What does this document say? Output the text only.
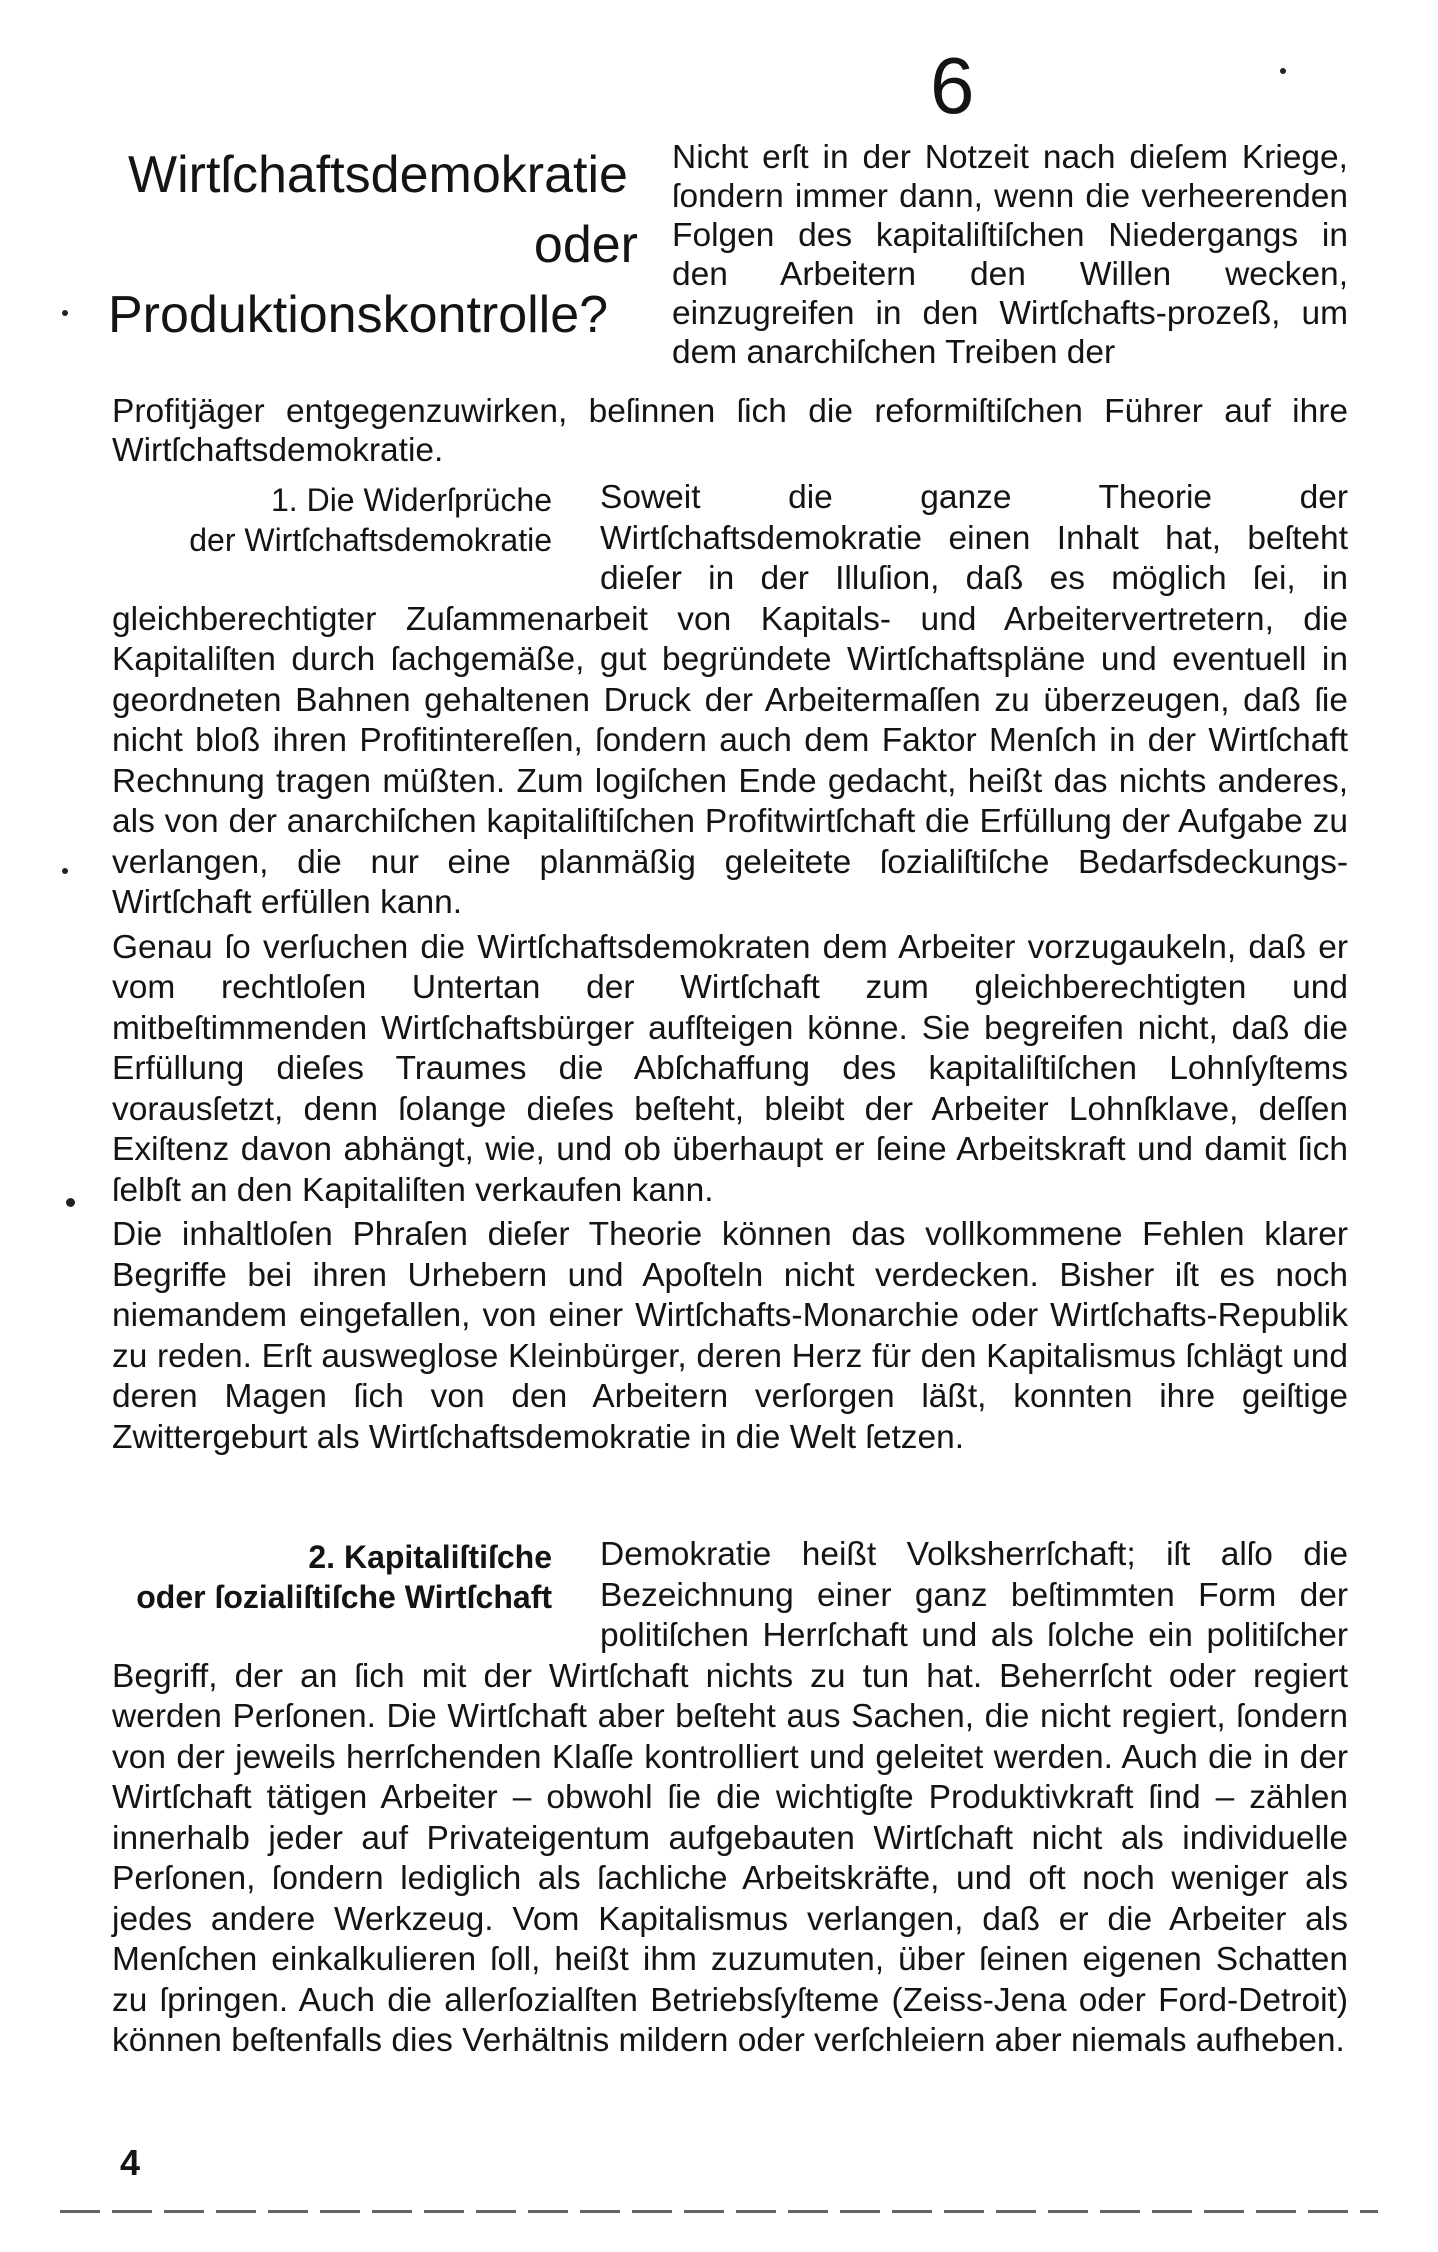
6
Wirtſchaftsdemokratie
oder
Produktionskontrolle?
Nicht erſt in der Notzeit nach dieſem Kriege, ſondern immer dann, wenn die verheerenden Folgen des kapitaliſtiſchen Niedergangs in den Arbeitern den Willen wecken, einzugreifen in den Wirtſchafts-prozeß, um dem anarchiſchen Treiben der
Profitjäger entgegenzuwirken, beſinnen ſich die reformiſtiſchen Führer auf ihre Wirtſchaftsdemokratie.
1. Die Widerſprüche
der Wirtſchaftsdemokratie

Soweit die ganze Theorie der Wirtſchaftsdemokratie einen Inhalt hat, beſteht dieſer in der Illuſion, daß es möglich ſei, in gleichberechtigter Zuſammenarbeit von Kapitals- und Arbeitervertretern, die Kapitaliſten durch ſachgemäße, gut begründete Wirtſchaftspläne und eventuell in geordneten Bahnen gehaltenen Druck der Arbeitermaſſen zu überzeugen, daß ſie nicht bloß ihren Profitintereſſen, ſondern auch dem Faktor Menſch in der Wirtſchaft Rechnung tragen müßten. Zum logiſchen Ende gedacht, heißt das nichts anderes, als von der anarchiſchen kapitaliſtiſchen Profitwirtſchaft die Erfüllung der Aufgabe zu verlangen, die nur eine planmäßig geleitete ſozialiſtiſche Bedarfsdeckungs-Wirtſchaft erfüllen kann.

Genau ſo verſuchen die Wirtſchaftsdemokraten dem Arbeiter vorzugaukeln, daß er vom rechtloſen Untertan der Wirtſchaft zum gleichberechtigten und mitbeſtimmenden Wirtſchaftsbürger aufſteigen könne. Sie begreifen nicht, daß die Erfüllung dieſes Traumes die Abſchaffung des kapitaliſtiſchen Lohnſyſtems vorausſetzt, denn ſolange dieſes beſteht, bleibt der Arbeiter Lohnſklave, deſſen Exiſtenz davon abhängt, wie, und ob überhaupt er ſeine Arbeitskraft und damit ſich ſelbſt an den Kapitaliſten verkaufen kann.

Die inhaltloſen Phraſen dieſer Theorie können das vollkommene Fehlen klarer Begriffe bei ihren Urhebern und Apoſteln nicht verdecken. Bisher iſt es noch niemandem eingefallen, von einer Wirtſchafts-Monarchie oder Wirtſchafts-Republik zu reden. Erſt ausweglose Kleinbürger, deren Herz für den Kapitalismus ſchlägt und deren Magen ſich von den Arbeitern verſorgen läßt, konnten ihre geiſtige Zwittergeburt als Wirtſchaftsdemokratie in die Welt ſetzen.

2. Kapitaliſtiſche
oder ſozialiſtiſche Wirtſchaft

Demokratie heißt Volksherrſchaft; iſt alſo die Bezeichnung einer ganz beſtimmten Form der politiſchen Herrſchaft und als ſolche ein politiſcher Begriff, der an ſich mit der Wirtſchaft nichts zu tun hat. Beherrſcht oder regiert werden Perſonen. Die Wirtſchaft aber beſteht aus Sachen, die nicht regiert, ſondern von der jeweils herrſchenden Klaſſe kontrolliert und geleitet werden. Auch die in der Wirtſchaft tätigen Arbeiter – obwohl ſie die wichtigſte Produktivkraft ſind – zählen innerhalb jeder auf Privateigentum aufgebauten Wirtſchaft nicht als individuelle Perſonen, ſondern lediglich als ſachliche Arbeitskräfte, und oft noch weniger als jedes andere Werkzeug. Vom Kapitalismus verlangen, daß er die Arbeiter als Menſchen einkalkulieren ſoll, heißt ihm zuzumuten, über ſeinen eigenen Schatten zu ſpringen. Auch die allerſozialſten Betriebsſyſteme (Zeiss-Jena oder Ford-Detroit) können beſtenfalls dies Verhältnis mildern oder verſchleiern aber niemals aufheben.

4
